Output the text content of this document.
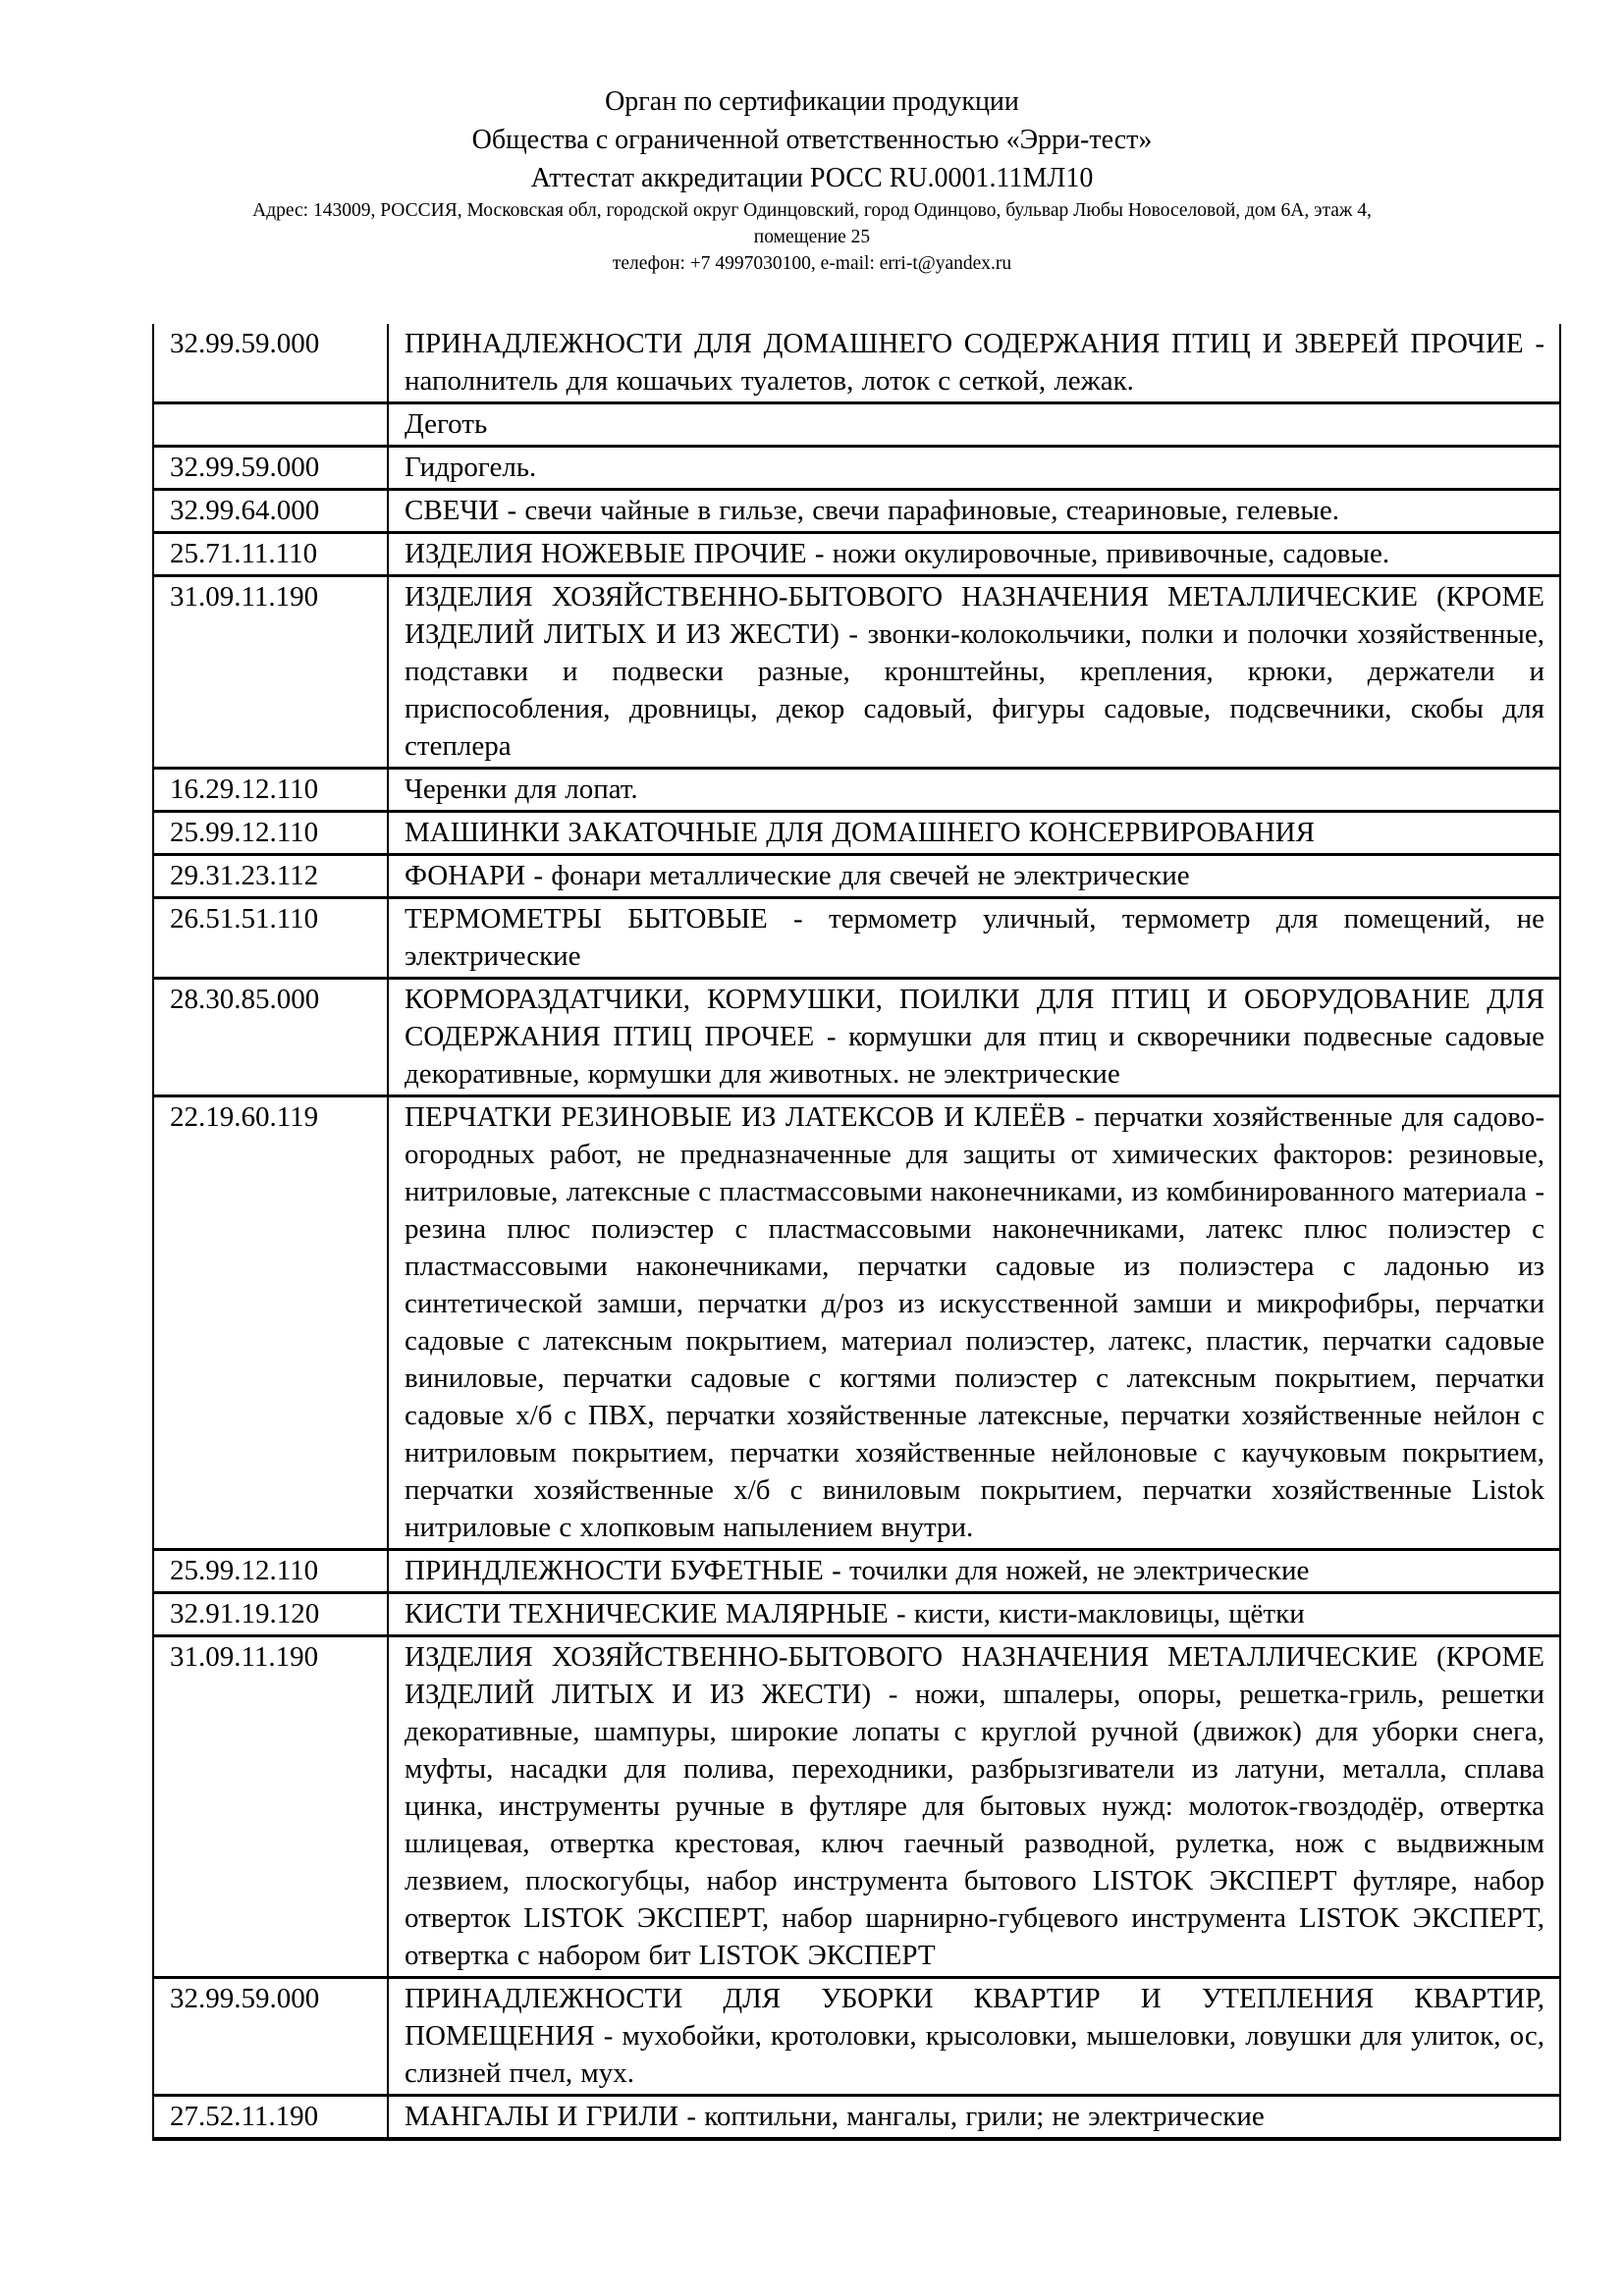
Орган по сертификации продукции
Общества с ограниченной ответственностью «Эрри-тест»
Аттестат аккредитации РОСС RU.0001.11МЛ10
Адрес: 143009, РОССИЯ, Московская обл, городской округ Одинцовский, город Одинцово, бульвар Любы Новоселовой, дом 6А, этаж 4,
помещение 25
телефон: +7 4997030100, e-mail: erri-t@yandex.ru
32.99.59.000	ПРИНАДЛЕЖНОСТИ ДЛЯ ДОМАШНЕГО СОДЕРЖАНИЯ ПТИЦ И ЗВЕРЕЙ ПРОЧИЕ - наполнитель для кошачьих туалетов, лоток с сеткой, лежак.
	Деготь
32.99.59.000	Гидрогель.
32.99.64.000	СВЕЧИ - свечи чайные в гильзе, свечи парафиновые, стеариновые, гелевые.
25.71.11.110	ИЗДЕЛИЯ НОЖЕВЫЕ ПРОЧИЕ - ножи окулировочные, прививочные, садовые.
31.09.11.190	ИЗДЕЛИЯ ХОЗЯЙСТВЕННО-БЫТОВОГО НАЗНАЧЕНИЯ МЕТАЛЛИЧЕСКИЕ (КРОМЕ ИЗДЕЛИЙ ЛИТЫХ И ИЗ ЖЕСТИ) - звонки-колокольчики, полки и полочки хозяйственные, подставки и подвески разные, кронштейны, крепления, крюки, держатели и приспособления, дровницы, декор садовый, фигуры садовые, подсвечники, скобы для степлера
16.29.12.110	Черенки для лопат.
25.99.12.110	МАШИНКИ ЗАКАТОЧНЫЕ ДЛЯ ДОМАШНЕГО КОНСЕРВИРОВАНИЯ
29.31.23.112	ФОНАРИ - фонари металлические для свечей не электрические
26.51.51.110	ТЕРМОМЕТРЫ БЫТОВЫЕ - термометр уличный, термометр для помещений, не электрические
28.30.85.000	КОРМОРАЗДАТЧИКИ, КОРМУШКИ, ПОИЛКИ ДЛЯ ПТИЦ И ОБОРУДОВАНИЕ ДЛЯ СОДЕРЖАНИЯ ПТИЦ ПРОЧЕЕ - кормушки для птиц и скворечники подвесные садовые декоративные, кормушки для животных. не электрические
22.19.60.119	ПЕРЧАТКИ РЕЗИНОВЫЕ ИЗ ЛАТЕКСОВ И КЛЕЁВ - перчатки хозяйственные для садово-огородных работ, не предназначенные для защиты от химических факторов: резиновые, нитриловые, латексные с пластмассовыми наконечниками, из комбинированного материала - резина плюс полиэстер с пластмассовыми наконечниками, латекс плюс полиэстер с пластмассовыми наконечниками, перчатки садовые из полиэстера с ладонью из синтетической замши, перчатки д/роз из искусственной замши и микрофибры, перчатки садовые с латексным покрытием, материал полиэстер, латекс, пластик, перчатки садовые виниловые, перчатки садовые с когтями полиэстер с латексным покрытием, перчатки садовые х/б с ПВХ, перчатки хозяйственные латексные, перчатки хозяйственные нейлон с нитриловым покрытием, перчатки хозяйственные нейлоновые с каучуковым покрытием, перчатки хозяйственные х/б с виниловым покрытием, перчатки хозяйственные Listok нитриловые с хлопковым напылением внутри.
25.99.12.110	ПРИНДЛЕЖНОСТИ БУФЕТНЫЕ - точилки для ножей, не электрические
32.91.19.120	КИСТИ ТЕХНИЧЕСКИЕ МАЛЯРНЫЕ - кисти, кисти-макловицы, щётки
31.09.11.190	ИЗДЕЛИЯ ХОЗЯЙСТВЕННО-БЫТОВОГО НАЗНАЧЕНИЯ МЕТАЛЛИЧЕСКИЕ (КРОМЕ ИЗДЕЛИЙ ЛИТЫХ И ИЗ ЖЕСТИ) - ножи, шпалеры, опоры, решетка-гриль, решетки декоративные, шампуры, широкие лопаты с круглой ручной (движок) для уборки снега, муфты, насадки для полива, переходники, разбрызгиватели из латуни, металла, сплава цинка, инструменты ручные в футляре для бытовых нужд: молоток-гвоздодёр, отвертка шлицевая, отвертка крестовая, ключ гаечный разводной, рулетка, нож с выдвижным лезвием, плоскогубцы, набор инструмента бытового LISTOK ЭКСПЕРТ футляре, набор отверток LISTOK ЭКСПЕРТ, набор шарнирно-губцевого инструмента LISTOK ЭКСПЕРТ, отвертка с набором бит LISTOK ЭКСПЕРТ
32.99.59.000	ПРИНАДЛЕЖНОСТИ ДЛЯ УБОРКИ КВАРТИР И УТЕПЛЕНИЯ КВАРТИР, ПОМЕЩЕНИЯ - мухобойки, кротоловки, крысоловки, мышеловки, ловушки для улиток, ос, слизней пчел, мух.
27.52.11.190	МАНГАЛЫ И ГРИЛИ - коптильни, мангалы, грили; не электрические
